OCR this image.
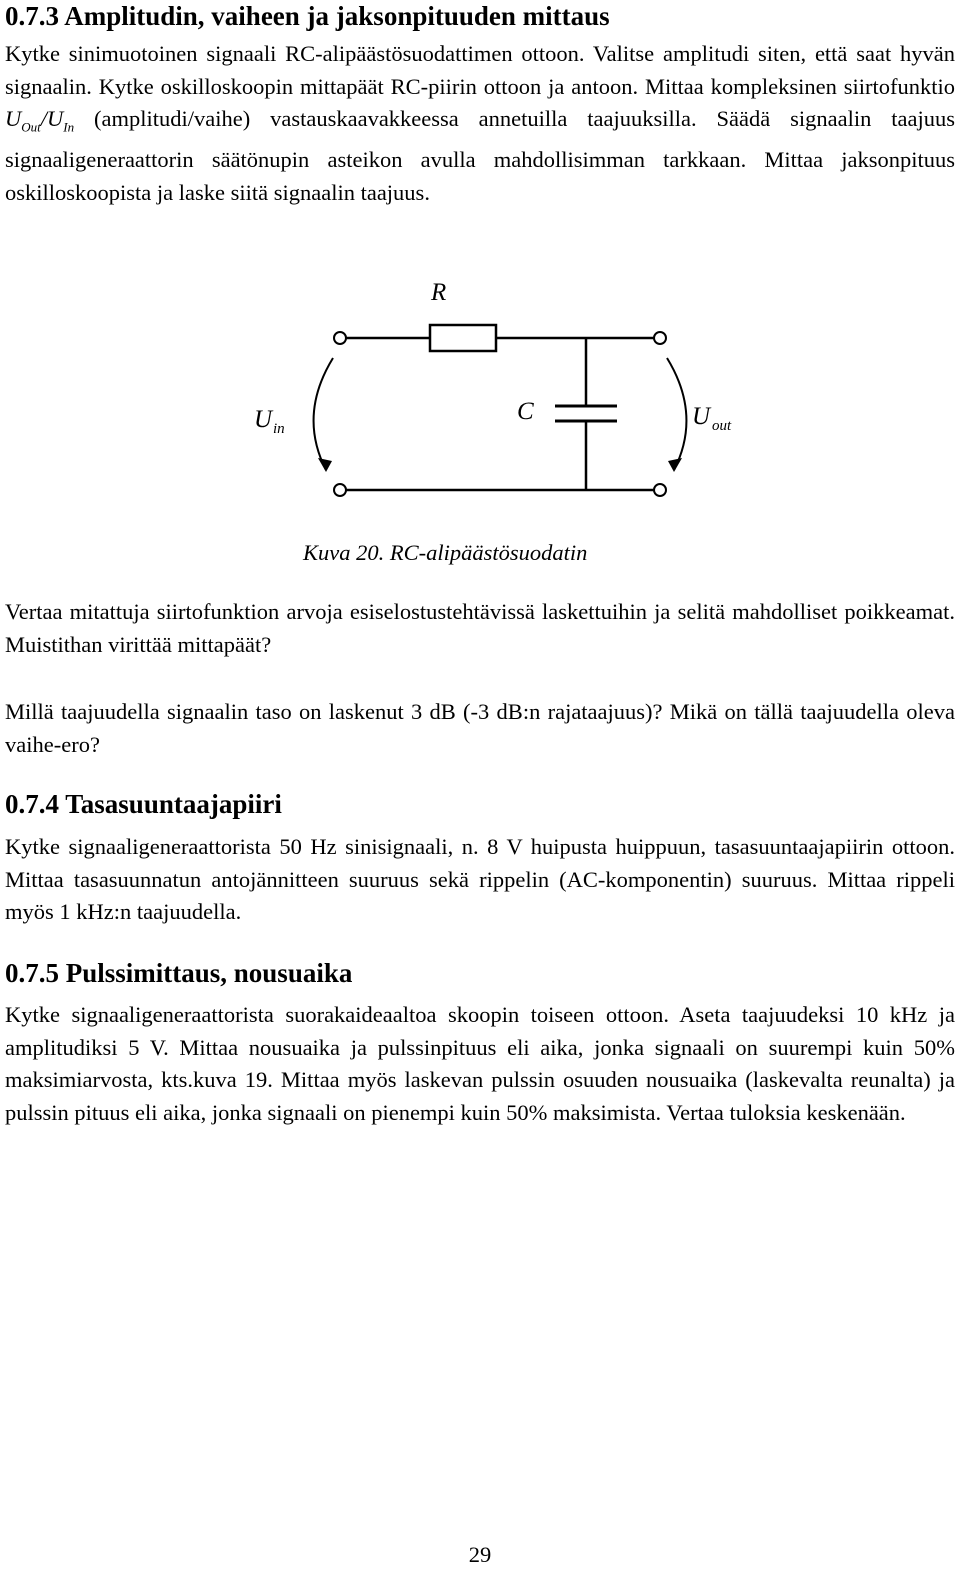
0.7.3 Amplitudin, vaiheen ja jaksonpituuden mittaus

Kytke sinimuotoinen signaali RC-alipäästösuodattimen ottoon. Valitse amplitudi siten, että saat hyvän signaalin. Kytke oskilloskoopin mittapäät RC-piirin ottoon ja antoon. Mittaa kompleksinen siirtofunktio $U_{Out}/U_{In}$ (amplitudi/vaihe) vastauskaavakkeessa annetuilla taajuuksilla. Säädä signaalin taajuus signaaligeneraattorin säätönupin asteikon avulla mahdollisimman tarkkaan. Mittaa jaksonpituus oskilloskoopista ja laske siitä signaalin taajuus.

R
C
U in	U out
Kuva 20. RC-alipäästösuodatin

Vertaa mitattuja siirtofunktion arvoja esiselostustehtävissä laskettuihin ja selitä mahdolliset poikkeamat. Muistithan virittää mittapäät?

Millä taajuudella signaalin taso on laskenut 3 dB (-3 dB:n rajataajuus)? Mikä on tällä taajuudella oleva vaihe-ero?

0.7.4 Tasasuuntaajapiiri

Kytke signaaligeneraattorista 50 Hz sinisignaali, n. 8 V huipusta huippuun, tasasuuntaajapiirin ottoon. Mittaa tasasuunnatun antojännitteen suuruus sekä rippelin (AC-komponentin) suuruus. Mittaa rippeli myös 1 kHz:n taajuudella.

0.7.5 Pulssimittaus, nousuaika

Kytke signaaligeneraattorista suorakaideaaltoa skoopin toiseen ottoon. Aseta taajuudeksi 10 kHz ja amplitudiksi 5 V. Mittaa nousuaika ja pulssinpituus eli aika, jonka signaali on suurempi kuin 50% maksimiarvosta, kts.kuva 19. Mittaa myös laskevan pulssin osuuden nousuaika (laskevalta reunalta) ja pulssin pituus eli aika, jonka signaali on pienempi kuin 50% maksimista. Vertaa tuloksia keskenään.

29
